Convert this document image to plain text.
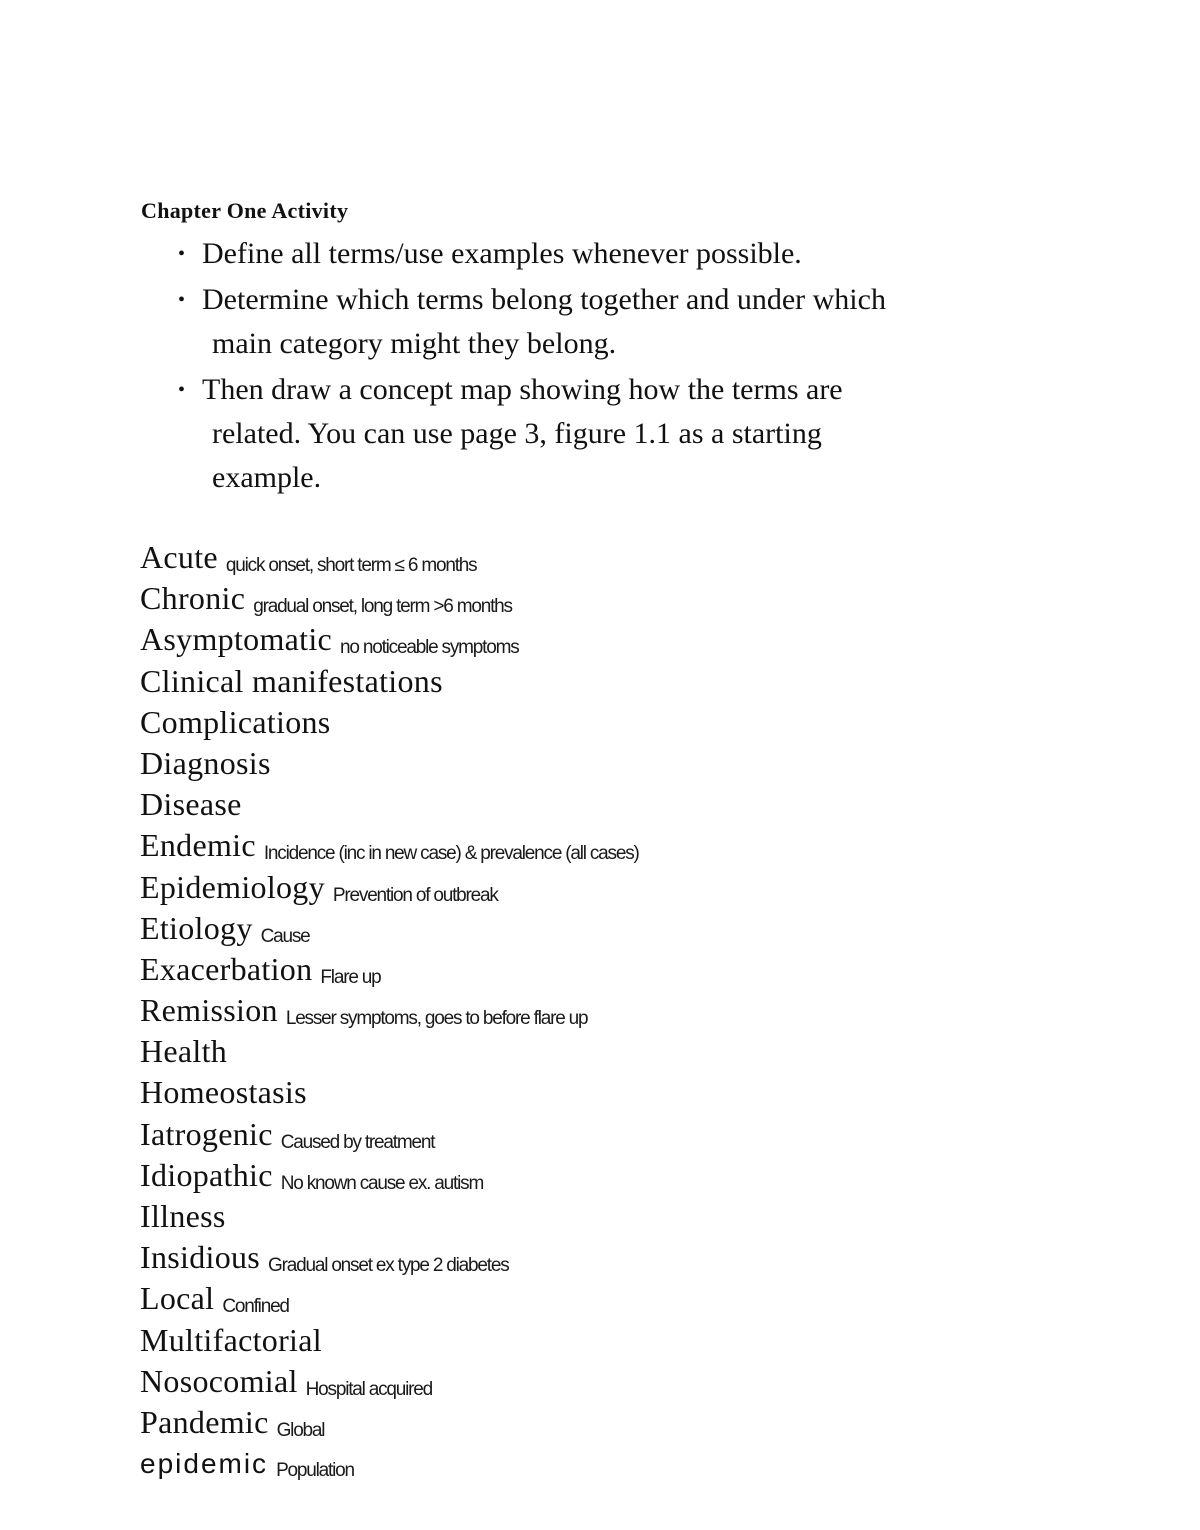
Chapter One Activity
• Define all terms/use examples whenever possible.
• Determine which terms belong together and under which
main category might they belong.
• Then draw a concept map showing how the terms are
related. You can use page 3, figure 1.1 as a starting
example.
Acute quick onset, short term ≤ 6 months
Chronic gradual onset, long term >6 months
Asymptomatic no noticeable symptoms
Clinical manifestations
Complications
Diagnosis
Disease
Endemic Incidence (inc in new case) & prevalence (all cases)
Epidemiology Prevention of outbreak
Etiology Cause
Exacerbation Flare up
Remission Lesser symptoms, goes to before flare up
Health
Homeostasis
Iatrogenic Caused by treatment
Idiopathic No known cause ex. autism
Illness
Insidious Gradual onset ex type 2 diabetes
Local Confined
Multifactorial
Nosocomial Hospital acquired
Pandemic Global
epidemic Population
